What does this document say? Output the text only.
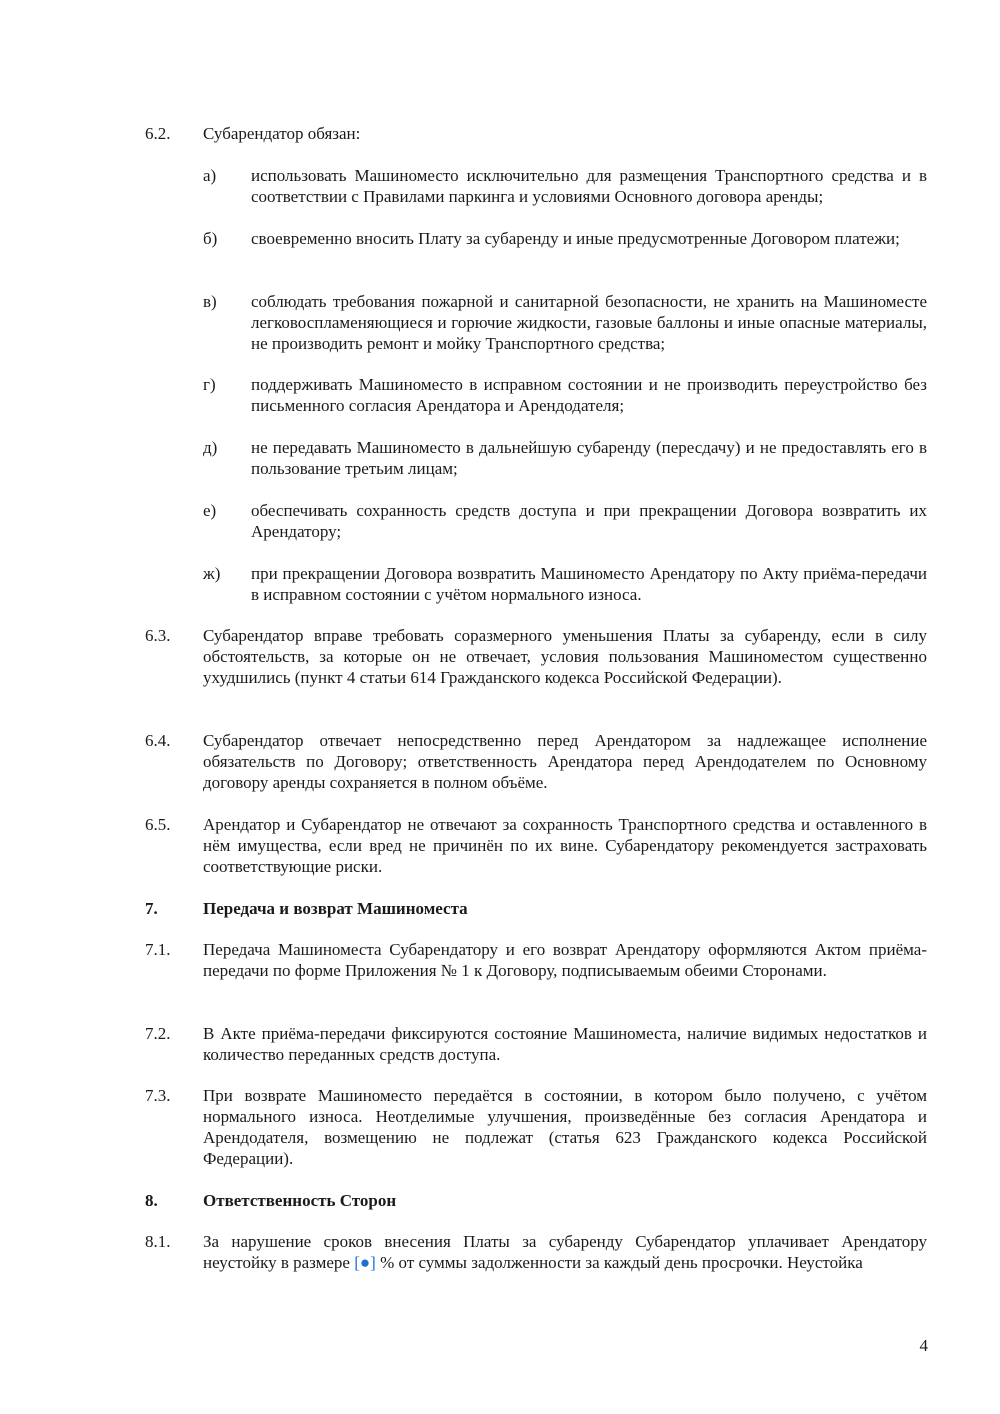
6.2. Субарендатор обязан:

а) использовать Машиноместо исключительно для размещения Транспортного средства и в соответствии с Правилами паркинга и условиями Основного договора аренды;

б) своевременно вносить Плату за субаренду и иные предусмотренные Договором платежи;

в) соблюдать требования пожарной и санитарной безопасности, не хранить на Машиноместе легковоспламеняющиеся и горючие жидкости, газовые баллоны и иные опасные материалы, не производить ремонт и мойку Транспортного средства;

г) поддерживать Машиноместо в исправном состоянии и не производить переустройство без письменного согласия Арендатора и Арендодателя;

д) не передавать Машиноместо в дальнейшую субаренду (пересдачу) и не предоставлять его в пользование третьим лицам;

е) обеспечивать сохранность средств доступа и при прекращении Договора возвратить их Арендатору;

ж) при прекращении Договора возвратить Машиноместо Арендатору по Акту приёма-передачи в исправном состоянии с учётом нормального износа.

6.3. Субарендатор вправе требовать соразмерного уменьшения Платы за субаренду, если в силу обстоятельств, за которые он не отвечает, условия пользования Машиноместом существенно ухудшились (пункт 4 статьи 614 Гражданского кодекса Российской Федерации).

6.4. Субарендатор отвечает непосредственно перед Арендатором за надлежащее исполнение обязательств по Договору; ответственность Арендатора перед Арендодателем по Основному договору аренды сохраняется в полном объёме.

6.5. Арендатор и Субарендатор не отвечают за сохранность Транспортного средства и оставленного в нём имущества, если вред не причинён по их вине. Субарендатору рекомендуется застраховать соответствующие риски.

7.	Передача и возврат Машиноместа

7.1. Передача Машиноместа Субарендатору и его возврат Арендатору оформляются Актом приёма-передачи по форме Приложения № 1 к Договору, подписываемым обеими Сторонами.

7.2. В Акте приёма-передачи фиксируются состояние Машиноместа, наличие видимых недостатков и количество переданных средств доступа.

7.3. При возврате Машиноместо передаётся в состоянии, в котором было получено, с учётом нормального износа. Неотделимые улучшения, произведённые без согласия Арендатора и Арендодателя, возмещению не подлежат (статья 623 Гражданского кодекса Российской Федерации).

8.	Ответственность Сторон

8.1. За нарушение сроков внесения Платы за субаренду Субарендатор уплачивает Арендатору неустойку в размере [●] % от суммы задолженности за каждый день просрочки. Неустойка

4
